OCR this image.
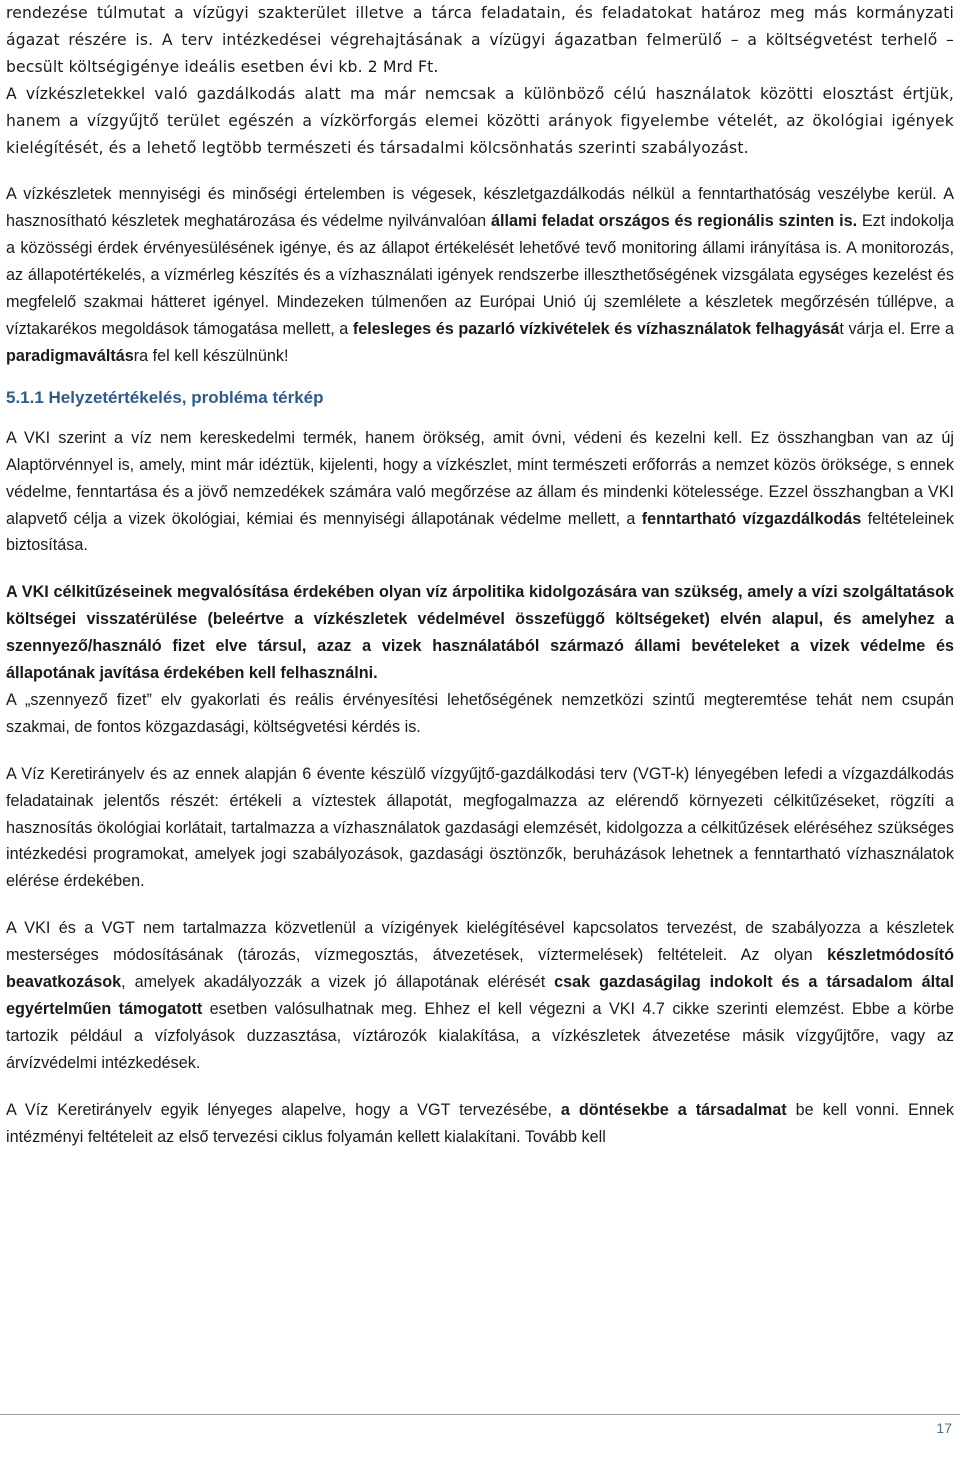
rendezése túlmutat a vízügyi szakterület illetve a tárca feladatain, és feladatokat határoz meg más kormányzati ágazat részére is. A terv intézkedései végrehajtásának a vízügyi ágazatban felmerülő – a költségvetést terhelő – becsült költségigénye ideális esetben évi kb. 2 Mrd Ft.

A vízkészletekkel való gazdálkodás alatt ma már nemcsak a különböző célú használatok közötti elosztást értjük, hanem a vízgyűjtő terület egészén a vízkörforgás elemei közötti arányok figyelembe vételét, az ökológiai igények kielégítését, és a lehető legtöbb természeti és társadalmi kölcsönhatás szerinti szabályozást.

A vízkészletek mennyiségi és minőségi értelemben is végesek, készletgazdálkodás nélkül a fenntarthatóság veszélybe kerül. A hasznosítható készletek meghatározása és védelme nyilvánvalóan állami feladat országos és regionális szinten is. Ezt indokolja a közösségi érdek érvényesülésének igénye, és az állapot értékelését lehetővé tevő monitoring állami irányítása is. A monitorozás, az állapotértékelés, a vízmérleg készítés és a vízhasználati igények rendszerbe illeszthetőségének vizsgálata egységes kezelést és megfelelő szakmai hátteret igényel. Mindezeken túlmenően az Európai Unió új szemlélete a készletek megőrzésén túllépve, a víztakarékos megoldások támogatása mellett, a felesleges és pazarló vízkivételek és vízhasználatok felhagyását várja el. Erre a paradigmaváltásra fel kell készülnünk!

5.1.1 Helyzetértékelés, probléma térkép

A VKI szerint a víz nem kereskedelmi termék, hanem örökség, amit óvni, védeni és kezelni kell. Ez összhangban van az új Alaptörvénnyel is, amely, mint már idéztük, kijelenti, hogy a vízkészlet, mint természeti erőforrás a nemzet közös öröksége, s ennek védelme, fenntartása és a jövő nemzedékek számára való megőrzése az állam és mindenki kötelessége. Ezzel összhangban a VKI alapvető célja a vizek ökológiai, kémiai és mennyiségi állapotának védelme mellett, a fenntartható vízgazdálkodás feltételeinek biztosítása.

A VKI célkitűzéseinek megvalósítása érdekében olyan víz árpolitika kidolgozására van szükség, amely a vízi szolgáltatások költségei visszatérülése (beleértve a vízkészletek védelmével összefüggő költségeket) elvén alapul, és amelyhez a szennyező/használó fizet elve társul, azaz a vizek használatából származó állami bevételeket a vizek védelme és állapotának javítása érdekében kell felhasználni.

A „szennyező fizet” elv gyakorlati és reális érvényesítési lehetőségének nemzetközi szintű megteremtése tehát nem csupán szakmai, de fontos közgazdasági, költségvetési kérdés is.

A Víz Keretirányelv és az ennek alapján 6 évente készülő vízgyűjtő-gazdálkodási terv (VGT-k) lényegében lefedi a vízgazdálkodás feladatainak jelentős részét: értékeli a víztestek állapotát, megfogalmazza az elérendő környezeti célkitűzéseket, rögzíti a hasznosítás ökológiai korlátait, tartalmazza a vízhasználatok gazdasági elemzését, kidolgozza a célkitűzések eléréséhez szükséges intézkedési programokat, amelyek jogi szabályozások, gazdasági ösztönzők, beruházások lehetnek a fenntartható vízhasználatok elérése érdekében.

A VKI és a VGT nem tartalmazza közvetlenül a vízigények kielégítésével kapcsolatos tervezést, de szabályozza a készletek mesterséges módosításának (tározás, vízmegosztás, átvezetések, víztermelések) feltételeit. Az olyan készletmódosító beavatkozások, amelyek akadályozzák a vizek jó állapotának elérését csak gazdaságilag indokolt és a társadalom által egyértelműen támogatott esetben valósulhatnak meg. Ehhez el kell végezni a VKI 4.7 cikke szerinti elemzést. Ebbe a körbe tartozik például a vízfolyások duzzasztása, víztározók kialakítása, a vízkészletek átvezetése másik vízgyűjtőre, vagy az árvízvédelmi intézkedések.

A Víz Keretirányelv egyik lényeges alapelve, hogy a VGT tervezésébe, a döntésekbe a társadalmat be kell vonni. Ennek intézményi feltételeit az első tervezési ciklus folyamán kellett kialakítani. Tovább kell

17
